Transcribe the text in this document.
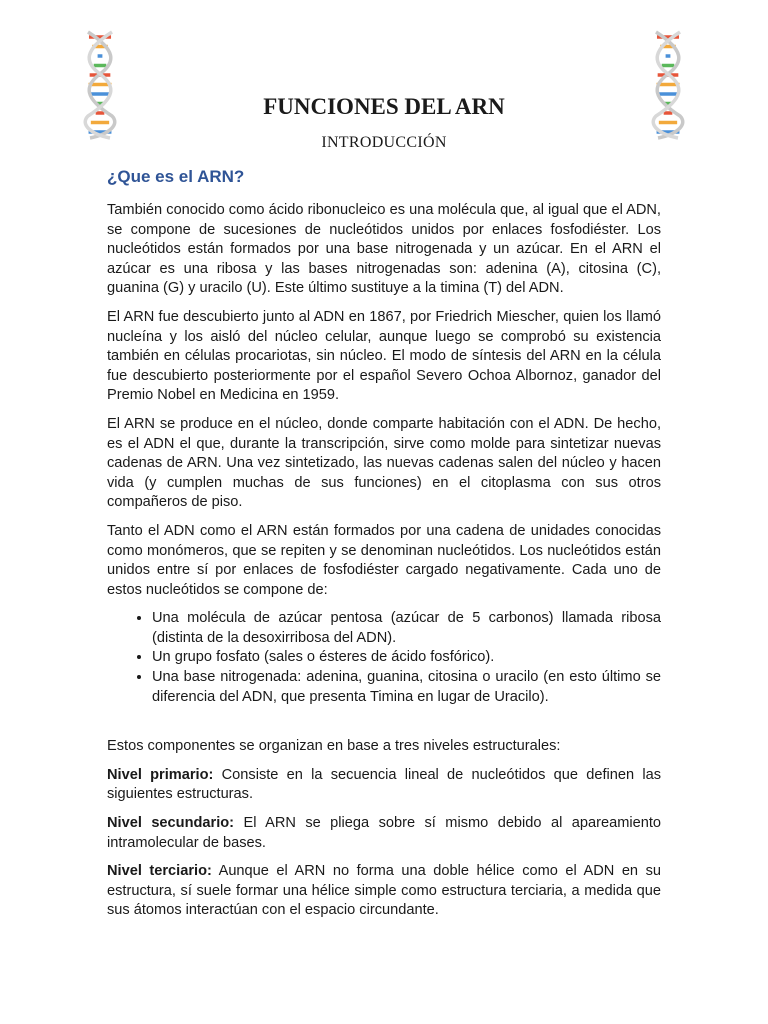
FUNCIONES DEL ARN
INTRODUCCIÓN
¿Que es el ARN?

También conocido como ácido ribonucleico es una molécula que, al igual que el ADN, se compone de sucesiones de nucleótidos unidos por enlaces fosfodiéster. Los nucleótidos están formados por una base nitrogenada y un azúcar. En el ARN el azúcar es una ribosa y las bases nitrogenadas son: adenina (A), citosina (C), guanina (G) y uracilo (U). Este último sustituye a la timina (T) del ADN.

El ARN fue descubierto junto al ADN en 1867, por Friedrich Miescher, quien los llamó nucleína y los aisló del núcleo celular, aunque luego se comprobó su existencia también en células procariotas, sin núcleo. El modo de síntesis del ARN en la célula fue descubierto posteriormente por el español Severo Ochoa Albornoz, ganador del Premio Nobel en Medicina en 1959.

El ARN se produce en el núcleo, donde comparte habitación con el ADN. De hecho, es el ADN el que, durante la transcripción, sirve como molde para sintetizar nuevas cadenas de ARN. Una vez sintetizado, las nuevas cadenas salen del núcleo y hacen vida (y cumplen muchas de sus funciones) en el citoplasma con sus otros compañeros de piso.

Tanto el ADN como el ARN están formados por una cadena de unidades conocidas como monómeros, que se repiten y se denominan nucleótidos. Los nucleótidos están unidos entre sí por enlaces de fosfodiéster cargado negativamente. Cada uno de estos nucleótidos se compone de:

• Una molécula de azúcar pentosa (azúcar de 5 carbonos) llamada ribosa (distinta de la desoxirribosa del ADN).
• Un grupo fosfato (sales o ésteres de ácido fosfórico).
• Una base nitrogenada: adenina, guanina, citosina o uracilo (en esto último se diferencia del ADN, que presenta Timina en lugar de Uracilo).

Estos componentes se organizan en base a tres niveles estructurales:

Nivel primario: Consiste en la secuencia lineal de nucleótidos que definen las siguientes estructuras.

Nivel secundario: El ARN se pliega sobre sí mismo debido al apareamiento intramolecular de bases.

Nivel terciario: Aunque el ARN no forma una doble hélice como el ADN en su estructura, sí suele formar una hélice simple como estructura terciaria, a medida que sus átomos interactúan con el espacio circundante.
